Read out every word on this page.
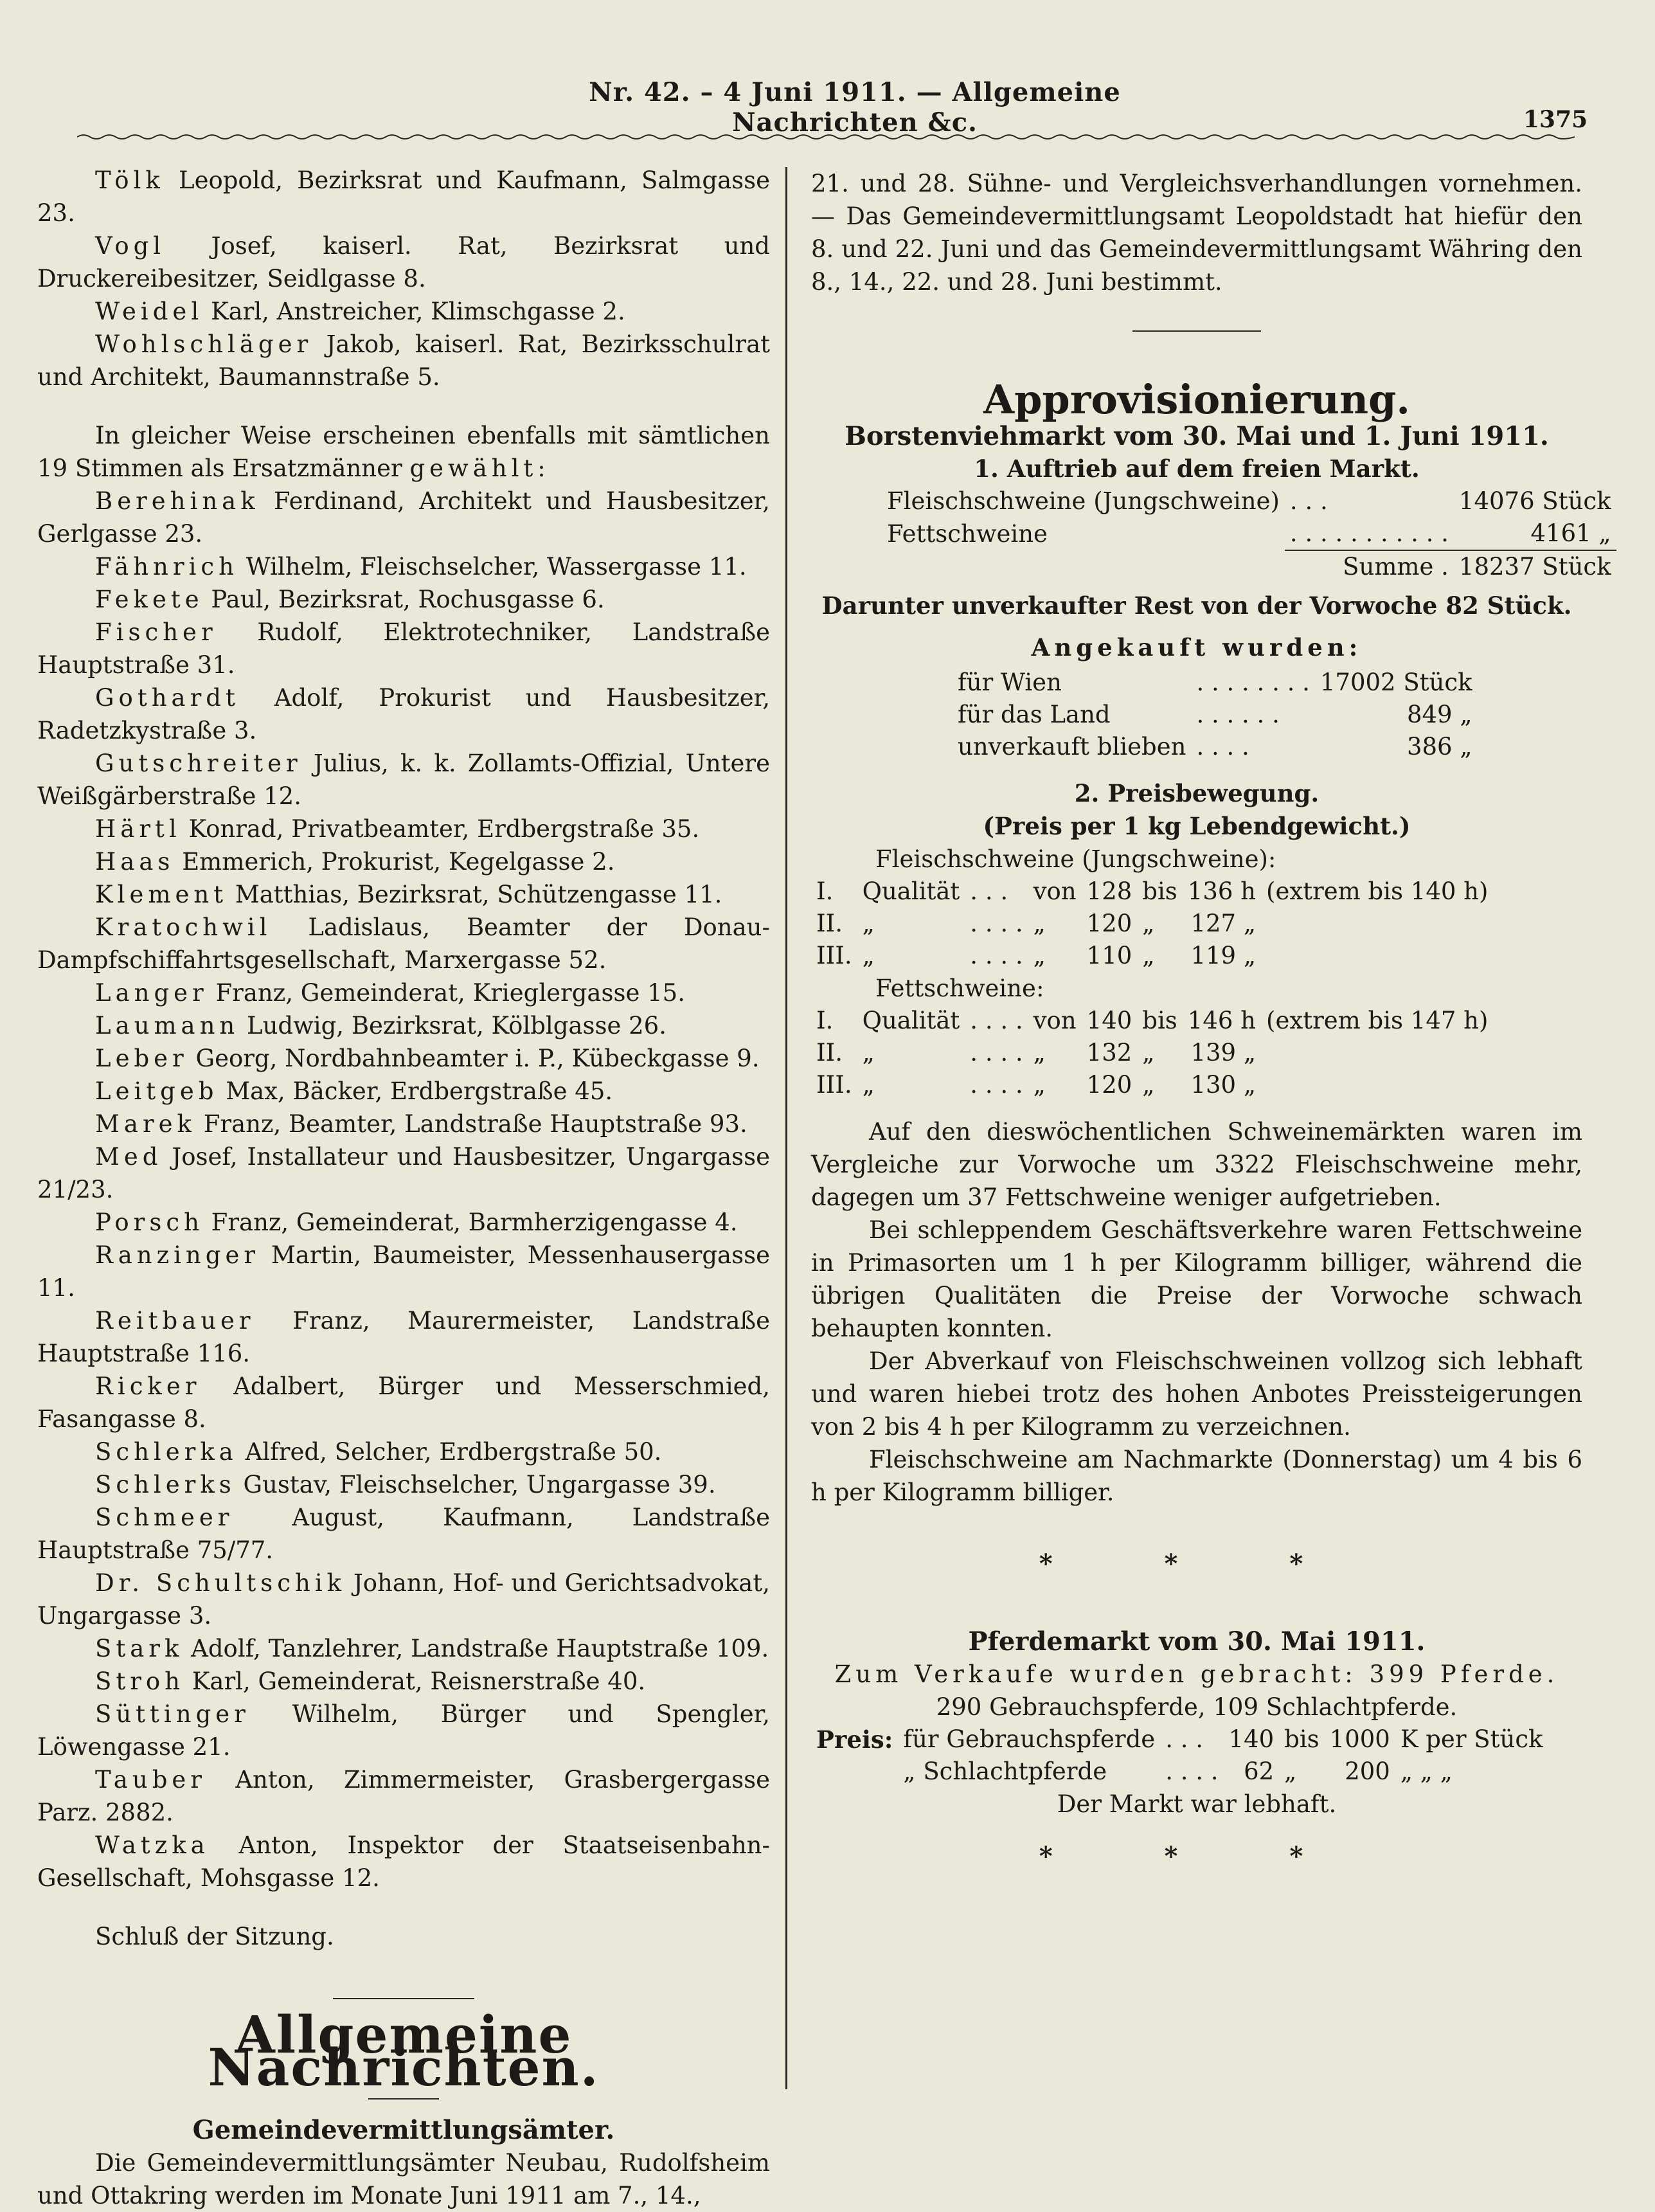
Nr. 42. – 4 Juni 1911. — Allgemeine Nachrichten &c.	1375

Tölk Leopold, Bezirksrat und Kaufmann, Salmgasse 23.

Vogl Josef, kaiserl. Rat, Bezirksrat und Druckereibesitzer, Seidlgasse 8.

Weidel Karl, Anstreicher, Klimschgasse 2.

Wohlschläger Jakob, kaiserl. Rat, Bezirksschulrat und Architekt, Baumannstraße 5.

In gleicher Weise erscheinen ebenfalls mit sämtlichen 19 Stimmen als Ersatzmänner gewählt:

Berehinak Ferdinand, Architekt und Hausbesitzer, Gerlgasse 23.

Fähnrich Wilhelm, Fleischselcher, Wassergasse 11.

Fekete Paul, Bezirksrat, Rochusgasse 6.

Fischer Rudolf, Elektrotechniker, Landstraße Hauptstraße 31.

Gothardt Adolf, Prokurist und Hausbesitzer, Radetzkystraße 3.

Gutschreiter Julius, k. k. Zollamts-Offizial, Untere Weißgärberstraße 12.

Härtl Konrad, Privatbeamter, Erdbergstraße 35.

Haas Emmerich, Prokurist, Kegelgasse 2.

Klement Matthias, Bezirksrat, Schützengasse 11.

Kratochwil Ladislaus, Beamter der Donau-Dampfschiffahrtsgesellschaft, Marxergasse 52.

Langer Franz, Gemeinderat, Krieglergasse 15.

Laumann Ludwig, Bezirksrat, Kölblgasse 26.

Leber Georg, Nordbahnbeamter i. P., Kübeckgasse 9.

Leitgeb Max, Bäcker, Erdbergstraße 45.

Marek Franz, Beamter, Landstraße Hauptstraße 93.

Med Josef, Installateur und Hausbesitzer, Ungargasse 21/23.

Porsch Franz, Gemeinderat, Barmherzigengasse 4.

Ranzinger Martin, Baumeister, Messenhausergasse 11.

Reitbauer Franz, Maurermeister, Landstraße Hauptstraße 116.

Ricker Adalbert, Bürger und Messerschmied, Fasangasse 8.

Schlerka Alfred, Selcher, Erdbergstraße 50.

Schlerks Gustav, Fleischselcher, Ungargasse 39.

Schmeer August, Kaufmann, Landstraße Hauptstraße 75/77.

Dr. Schultschik Johann, Hof- und Gerichtsadvokat, Ungargasse 3.

Stark Adolf, Tanzlehrer, Landstraße Hauptstraße 109.

Stroh Karl, Gemeinderat, Reisnerstraße 40.

Süttinger Wilhelm, Bürger und Spengler, Löwengasse 21.

Tauber Anton, Zimmermeister, Grasbergergasse Parz. 2882.

Watzka Anton, Inspektor der Staatseisenbahn-Gesellschaft, Mohsgasse 12.

Schluß der Sitzung.

Allgemeine Nachrichten.

Gemeindevermittlungsämter.

Die Gemeindevermittlungsämter Neubau, Rudolfsheim und Ottakring werden im Monate Juni 1911 am 7., 14.,

21. und 28. Sühne- und Vergleichsverhandlungen vornehmen. — Das Gemeindevermittlungsamt Leopoldstadt hat hiefür den 8. und 22. Juni und das Gemeindevermittlungsamt Währing den 8., 14., 22. und 28. Juni bestimmt.

Approvisionierung.

Borstenviehmarkt vom 30. Mai und 1. Juni 1911.

1. Auftrieb auf dem freien Markt.

Fleischschweine (Jungschweine)	. . .	14076 Stück
Fettschweine	. . . . . . . . . . .	4161 „
	Summe .	18237 Stück

Darunter unverkaufter Rest von der Vorwoche 82 Stück.

Angekauft wurden:

für Wien	. . . . . . . .	17002 Stück
für das Land	. . . . . .	849 „
unverkauft blieben	. . . .	386 „

2. Preisbewegung.

(Preis per 1 kg Lebendgewicht.)

Fleischschweine (Jungschweine):

I.	Qualität	. . .	von	128	bis	136 h	(extrem bis 140 h)
II.	„	. . . .	„	120	„	127 „	
III.	„	. . . .	„	110	„	119 „	

Fettschweine:

I.	Qualität	. . . .	von	140	bis	146 h	(extrem bis 147 h)
II.	„	. . . .	„	132	„	139 „	
III.	„	. . . .	„	120	„	130 „	

Auf den dieswöchentlichen Schweinemärkten waren im Vergleiche zur Vorwoche um 3322 Fleischschweine mehr, dagegen um 37 Fettschweine weniger aufgetrieben.

Bei schleppendem Geschäftsverkehre waren Fettschweine in Primasorten um 1 h per Kilogramm billiger, während die übrigen Qualitäten die Preise der Vorwoche schwach behaupten konnten.

Der Abverkauf von Fleischschweinen vollzog sich lebhaft und waren hiebei trotz des hohen Anbotes Preissteigerungen von 2 bis 4 h per Kilogramm zu verzeichnen.

Fleischschweine am Nachmarkte (Donnerstag) um 4 bis 6 h per Kilogramm billiger.

* * *

Pferdemarkt vom 30. Mai 1911.

Zum Verkaufe wurden gebracht: 399 Pferde.

290 Gebrauchspferde, 109 Schlachtpferde.

Preis:	für Gebrauchspferde	. . .	140	bis	1000	K per Stück
	„ Schlachtpferde	. . . .	62	„	200	„ „ „

Der Markt war lebhaft.

* * *
